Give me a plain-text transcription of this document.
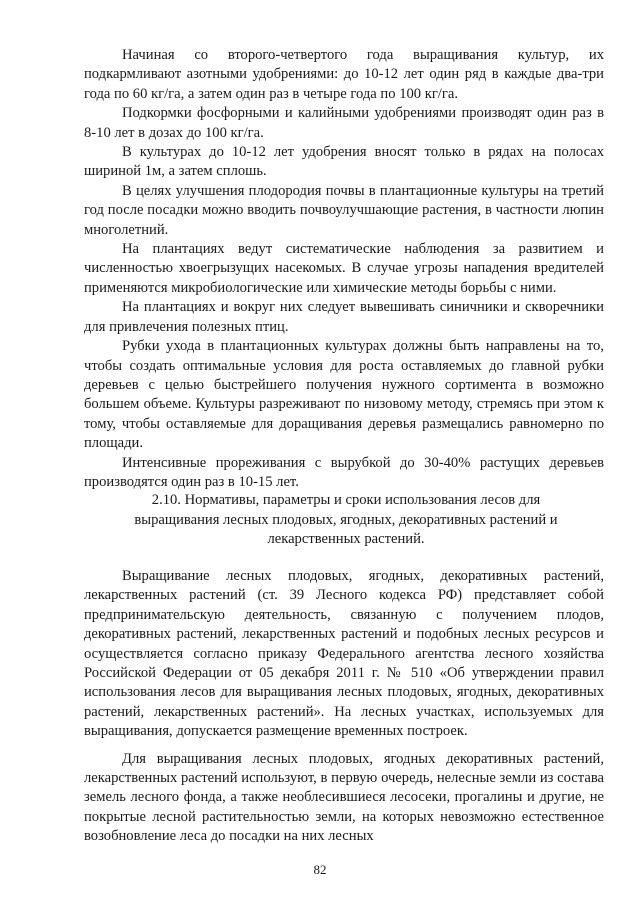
Начиная со второго-четвертого года выращивания культур, их подкармливают азотными удобрениями: до 10-12 лет один ряд в каждые два-три года по 60 кг/га, а затем один раз в четыре года по 100 кг/га.

Подкормки фосфорными и калийными удобрениями производят один раз в 8-10 лет в дозах до 100 кг/га.

В культурах до 10-12 лет удобрения вносят только в рядах на полосах шириной 1м, а затем сплошь.

В целях улучшения плодородия почвы в плантационные культуры на третий год после посадки можно вводить почвоулучшающие растения, в частности люпин многолетний.

На плантациях ведут систематические наблюдения за развитием и численностью хвоегрызущих насекомых. В случае угрозы нападения вредителей применяются микробиологические или химические методы борьбы с ними.

На плантациях и вокруг них следует вывешивать синичники и скворечники для привлечения полезных птиц.

Рубки ухода в плантационных культурах должны быть направлены на то, чтобы создать оптимальные условия для роста оставляемых до главной рубки деревьев с целью быстрейшего получения нужного сортимента в возможно большем объеме. Культуры разреживают по низовому методу, стремясь при этом к тому, чтобы оставляемые для доращивания деревья размещались равномерно по площади.

Интенсивные прореживания с вырубкой до 30-40% растущих деревьев производятся один раз в 10-15 лет.

2.10. Нормативы, параметры и сроки использования лесов для
выращивания лесных плодовых, ягодных, декоративных растений и
лекарственных растений.

Выращивание лесных плодовых, ягодных, декоративных растений, лекарственных растений (ст. 39 Лесного кодекса РФ) представляет собой предпринимательскую деятельность, связанную с получением плодов, декоративных растений, лекарственных растений и подобных лесных ресурсов и осуществляется согласно приказу Федерального агентства лесного хозяйства Российской Федерации от 05 декабря 2011 г. № 510 «Об утверждении правил использования лесов для выращивания лесных плодовых, ягодных, декоративных растений, лекарственных растений». На лесных участках, используемых для выращивания, допускается размещение временных построек.

Для выращивания лесных плодовых, ягодных декоративных растений, лекарственных растений используют, в первую очередь, нелесные земли из состава земель лесного фонда, а также необлесившиеся лесосеки, прогалины и другие, не покрытые лесной растительностью земли, на которых невозможно естественное возобновление леса до посадки на них лесных

82
